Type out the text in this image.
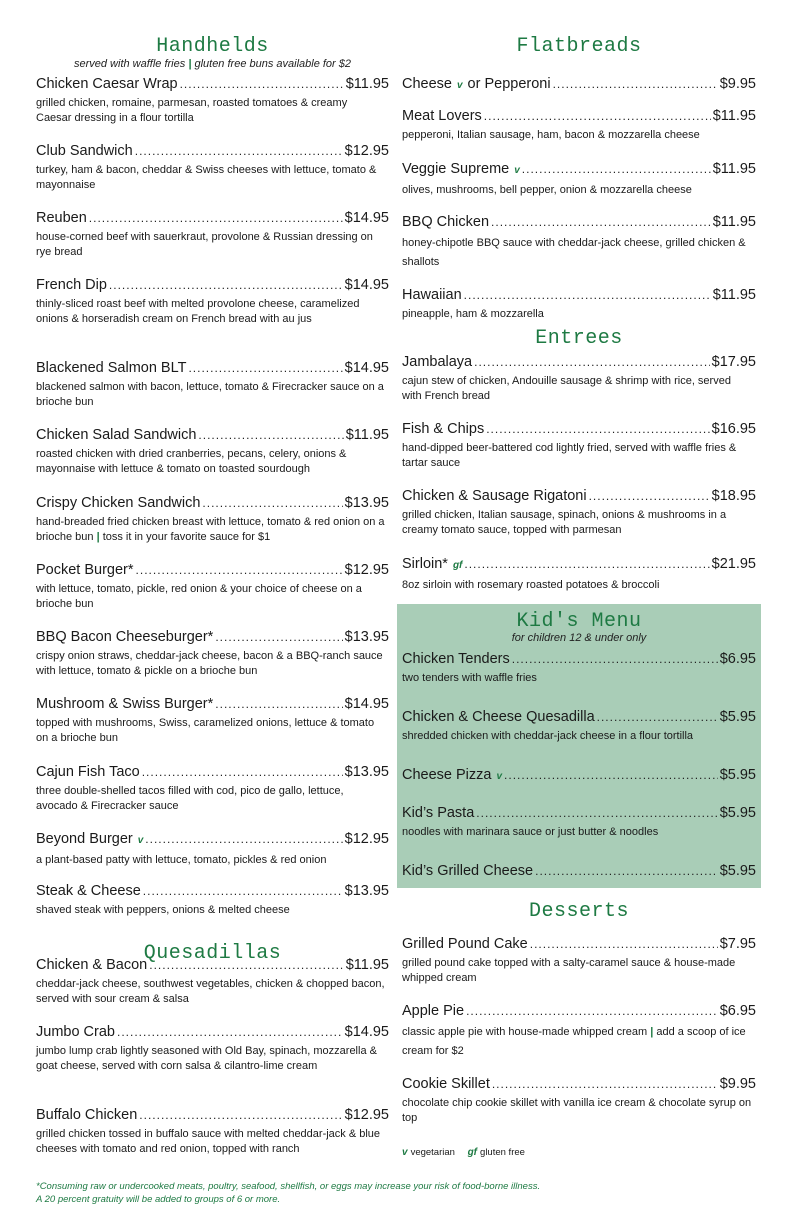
Handhelds
served with waffle fries | gluten free buns available for $2
Chicken Caesar Wrap .....	$11.95
grilled chicken, romaine, parmesan, roasted tomatoes & creamy Caesar dressing in a flour tortilla
Club Sandwich .....	$12.95
turkey, ham & bacon, cheddar & Swiss cheeses with lettuce, tomato & mayonnaise
Reuben .....	$14.95
house-corned beef with sauerkraut, provolone & Russian dressing on rye bread
French Dip .....	$14.95
thinly-sliced roast beef with melted provolone cheese, caramelized onions & horseradish cream on French bread with au jus
Blackened Salmon BLT .....	$14.95
blackened salmon with bacon, lettuce, tomato & Firecracker sauce on a brioche bun
Chicken Salad Sandwich .....	$11.95
roasted chicken with dried cranberries, pecans, celery, onions & mayonnaise with lettuce & tomato on toasted sourdough
Crispy Chicken Sandwich .....	$13.95
hand-breaded fried chicken breast with lettuce, tomato & red onion on a brioche bun | toss it in your favorite sauce for $1
Pocket Burger* .....	$12.95
with lettuce, tomato, pickle, red onion & your choice of cheese on a brioche bun
BBQ Bacon Cheeseburger* .....	$13.95
crispy onion straws, cheddar-jack cheese, bacon & a BBQ-ranch sauce with lettuce, tomato & pickle on a brioche bun
Mushroom & Swiss Burger* .....	$14.95
topped with mushrooms, Swiss, caramelized onions, lettuce & tomato on a brioche bun
Cajun Fish Taco .....	$13.95
three double-shelled tacos filled with cod, pico de gallo, lettuce, avocado & Firecracker sauce
Beyond Burger v .....	$12.95
a plant-based patty with lettuce, tomato, pickles & red onion
Steak & Cheese .....	$13.95
shaved steak with peppers, onions & melted cheese
Quesadillas
Chicken & Bacon .....	$11.95
cheddar-jack cheese, southwest vegetables, chicken & chopped bacon, served with sour cream & salsa
Jumbo Crab .....	$14.95
jumbo lump crab lightly seasoned with Old Bay, spinach, mozzarella & goat cheese, served with corn salsa & cilantro-lime cream
Buffalo Chicken .....	$12.95
grilled chicken tossed in buffalo sauce with melted cheddar-jack & blue cheeses with tomato and red onion, topped with ranch
Flatbreads
Cheese v or Pepperoni .....	$9.95
Meat Lovers .....	$11.95
pepperoni, Italian sausage, ham, bacon & mozzarella cheese
Veggie Supreme v .....	$11.95
olives, mushrooms, bell pepper, onion & mozzarella cheese
BBQ Chicken .....	$11.95
honey-chipotle BBQ sauce with cheddar-jack cheese, grilled chicken & shallots
Hawaiian .....	$11.95
pineapple, ham & mozzarella
Entrees
Jambalaya .....	$17.95
cajun stew of chicken, Andouille sausage & shrimp with rice, served with French bread
Fish & Chips .....	$16.95
hand-dipped beer-battered cod lightly fried, served with waffle fries & tartar sauce
Chicken & Sausage Rigatoni .....	$18.95
grilled chicken, Italian sausage, spinach, onions & mushrooms in a creamy tomato sauce, topped with parmesan
Sirloin* gf .....	$21.95
8oz sirloin with rosemary roasted potatoes & broccoli
Kid's Menu
for children 12 & under only
Chicken Tenders .....	$6.95
two tenders with waffle fries
Chicken & Cheese Quesadilla .....	$5.95
shredded chicken with cheddar-jack cheese in a flour tortilla
Cheese Pizza v .....	$5.95
Kid’s Pasta .....	$5.95
noodles with marinara sauce or just butter & noodles
Kid’s Grilled Cheese .....	$5.95
Desserts
Grilled Pound Cake .....	$7.95
grilled pound cake topped with a salty-caramel sauce & house-made whipped cream
Apple Pie .....	$6.95
classic apple pie with house-made whipped cream | add a scoop of ice cream for $2
Cookie Skillet .....	$9.95
chocolate chip cookie skillet with vanilla ice cream & chocolate syrup on top
v vegetarian gf gluten free
*Consuming raw or undercooked meats, poultry, seafood, shellfish, or eggs may increase your risk of food-borne illness.
A 20 percent gratuity will be added to groups of 6 or more.
